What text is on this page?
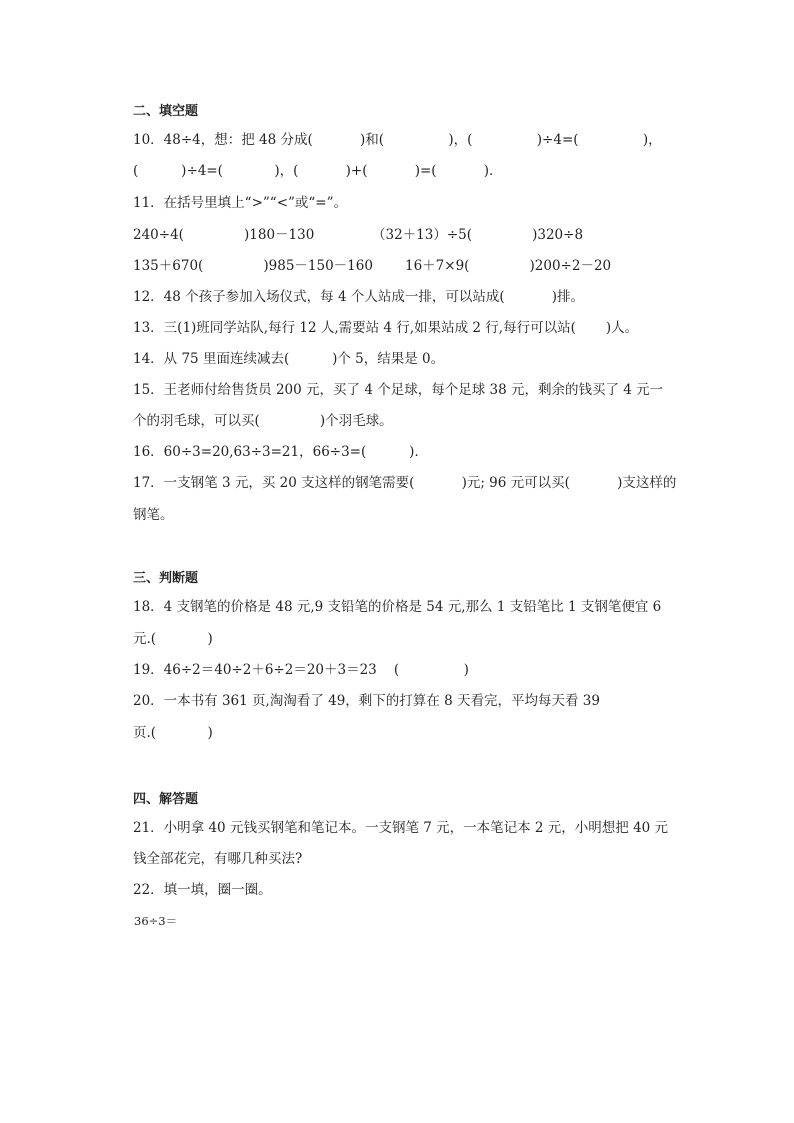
二、填空题
10．48÷4，想：把 48 分成(           )和(               )，(               )÷4=(               )，
(          )÷4=(            )，(           )+(           )=(           )．
11．在括号里填上“>”“<”或“=”。
240÷4(              )180－130	（32＋13）÷5(              )320÷8
135＋670(              )985－150－160 16＋7×9(              )200÷2－20
12．48 个孩子参加入场仪式，每 4 个人站成一排，可以站成(           )排。
13．三(1)班同学站队,每行 12 人,需要站 4 行,如果站成 2 行,每行可以站(       )人。
14．从 75 里面连续减去(          )个 5，结果是 0。
15．王老师付给售货员 200 元，买了 4 个足球，每个足球 38 元，剩余的钱买了 4 元一
个的羽毛球，可以买(              )个羽毛球。
16．60÷3=20,63÷3=21，66÷3=(          )．
17．一支钢笔 3 元，买 20 支这样的钢笔需要(           )元; 96 元可以买(           )支这样的
钢笔。
三、判断题
18．4 支钢笔的价格是 48 元,9 支铅笔的价格是 54 元,那么 1 支铅笔比 1 支钢笔便宜 6
元.(            )
19．46÷2＝40÷2＋6÷2＝20＋3＝23    (               )
20．一本书有 361 页,淘淘看了 49，剩下的打算在 8 天看完，平均每天看 39
页.(            )
四、解答题
21．小明拿 40 元钱买钢笔和笔记本。一支钢笔 7 元，一本笔记本 2 元，小明想把 40 元
钱全部花完，有哪几种买法?
22．填一填，圈一圈。
36÷3＝
